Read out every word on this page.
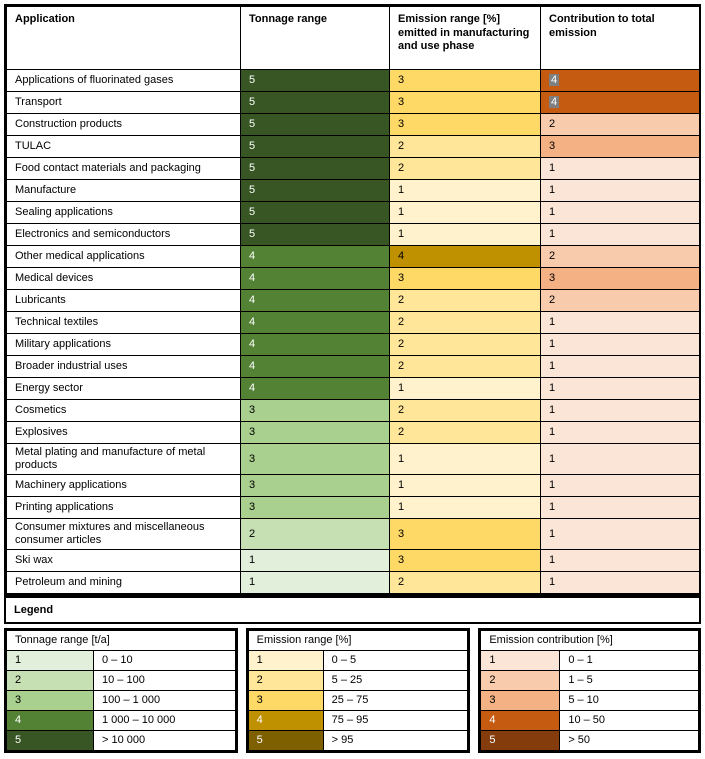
Application	Tonnage range	Emission range [%] emitted in manufacturing and use phase	Contribution to total emission
Applications of fluorinated gases	5	3	4
Transport	5	3	4
Construction products	5	3	2
TULAC	5	2	3
Food contact materials and packaging	5	2	1
Manufacture	5	1	1
Sealing applications	5	1	1
Electronics and semiconductors	5	1	1
Other medical applications	4	4	2
Medical devices	4	3	3
Lubricants	4	2	2
Technical textiles	4	2	1
Military applications	4	2	1
Broader industrial uses	4	2	1
Energy sector	4	1	1
Cosmetics	3	2	1
Explosives	3	2	1
Metal plating and manufacture of metal products	3	1	1
Machinery applications	3	1	1
Printing applications	3	1	1
Consumer mixtures and miscellaneous consumer articles	2	3	1
Ski wax	1	3	1
Petroleum and mining	1	2	1
Legend
Tonnage range [t/a]	
1	0 – 10
2	10 – 100
3	100 – 1 000
4	1 000 – 10 000
5	> 10 000
Emission range [%]	
1	0 – 5
2	5 – 25
3	25 – 75
4	75 – 95
5	> 95
Emission contribution [%]	
1	0 – 1
2	1 – 5
3	5 – 10
4	10 – 50
5	> 50
